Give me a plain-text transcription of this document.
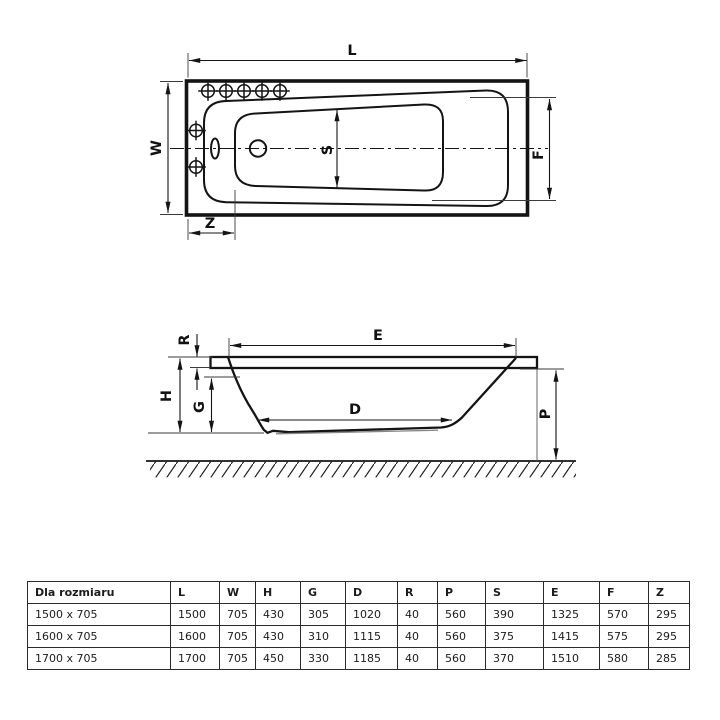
L
W	S	F
Z
E
R
H
G	D	P
Dla rozmiaru	L	W	H	G	D	R	P	S	E	F	Z
1500 x 705	1500	705	430	305	1020	40	560	390	1325	570	295
1600 x 705	1600	705	430	310	1115	40	560	375	1415	575	295
1700 x 705	1700	705	450	330	1185	40	560	370	1510	580	285
